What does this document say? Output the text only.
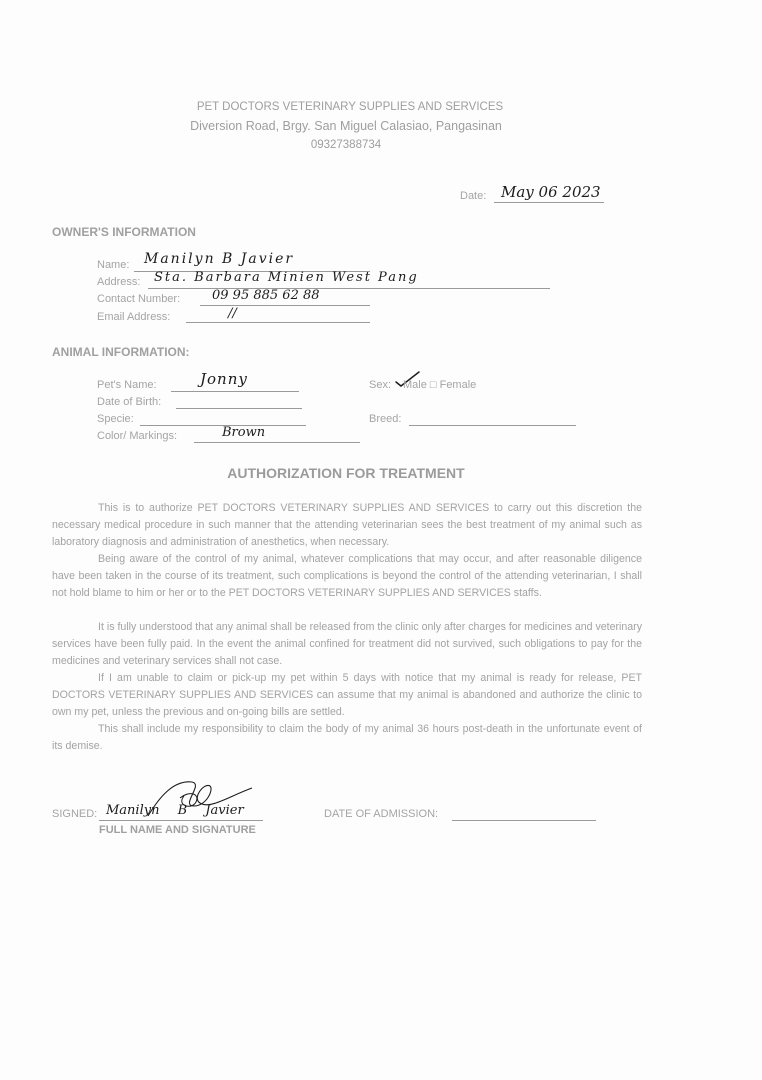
PET DOCTORS VETERINARY SUPPLIES AND SERVICES
Diversion Road, Brgy. San Miguel Calasiao, Pangasinan
09327388734
Date: May 06 2023
OWNER'S INFORMATION
Name: Manilyn B Javier
Address: Sta. Barbara Minien West Pang
Contact Number: 09 95 885 62 88
Email Address:	//
ANIMAL INFORMATION:
Pet's Name:	Jonny
Date of Birth:
Specie:
Color/ Markings:	Brown
Sex: Male □ Female
Breed:
AUTHORIZATION FOR TREATMENT
This is to authorize PET DOCTORS VETERINARY SUPPLIES AND SERVICES to carry out this discretion the necessary medical procedure in such manner that the attending veterinarian sees the best treatment of my animal such as laboratory diagnosis and administration of anesthetics, when necessary.
Being aware of the control of my animal, whatever complications that may occur, and after reasonable diligence have been taken in the course of its treatment, such complications is beyond the control of the attending veterinarian, I shall not hold blame to him or her or to the PET DOCTORS VETERINARY SUPPLIES AND SERVICES staffs.
It is fully understood that any animal shall be released from the clinic only after charges for medicines and veterinary services have been fully paid. In the event the animal confined for treatment did not survived, such obligations to pay for the medicines and veterinary services shall not case.
If I am unable to claim or pick-up my pet within 5 days with notice that my animal is ready for release, PET DOCTORS VETERINARY SUPPLIES AND SERVICES can assume that my animal is abandoned and authorize the clinic to own my pet, unless the previous and on-going bills are settled.
This shall include my responsibility to claim the body of my animal 36 hours post-death in the unfortunate event of its demise.
SIGNED: Manilyn B Javier
FULL NAME AND SIGNATURE
DATE OF ADMISSION:
